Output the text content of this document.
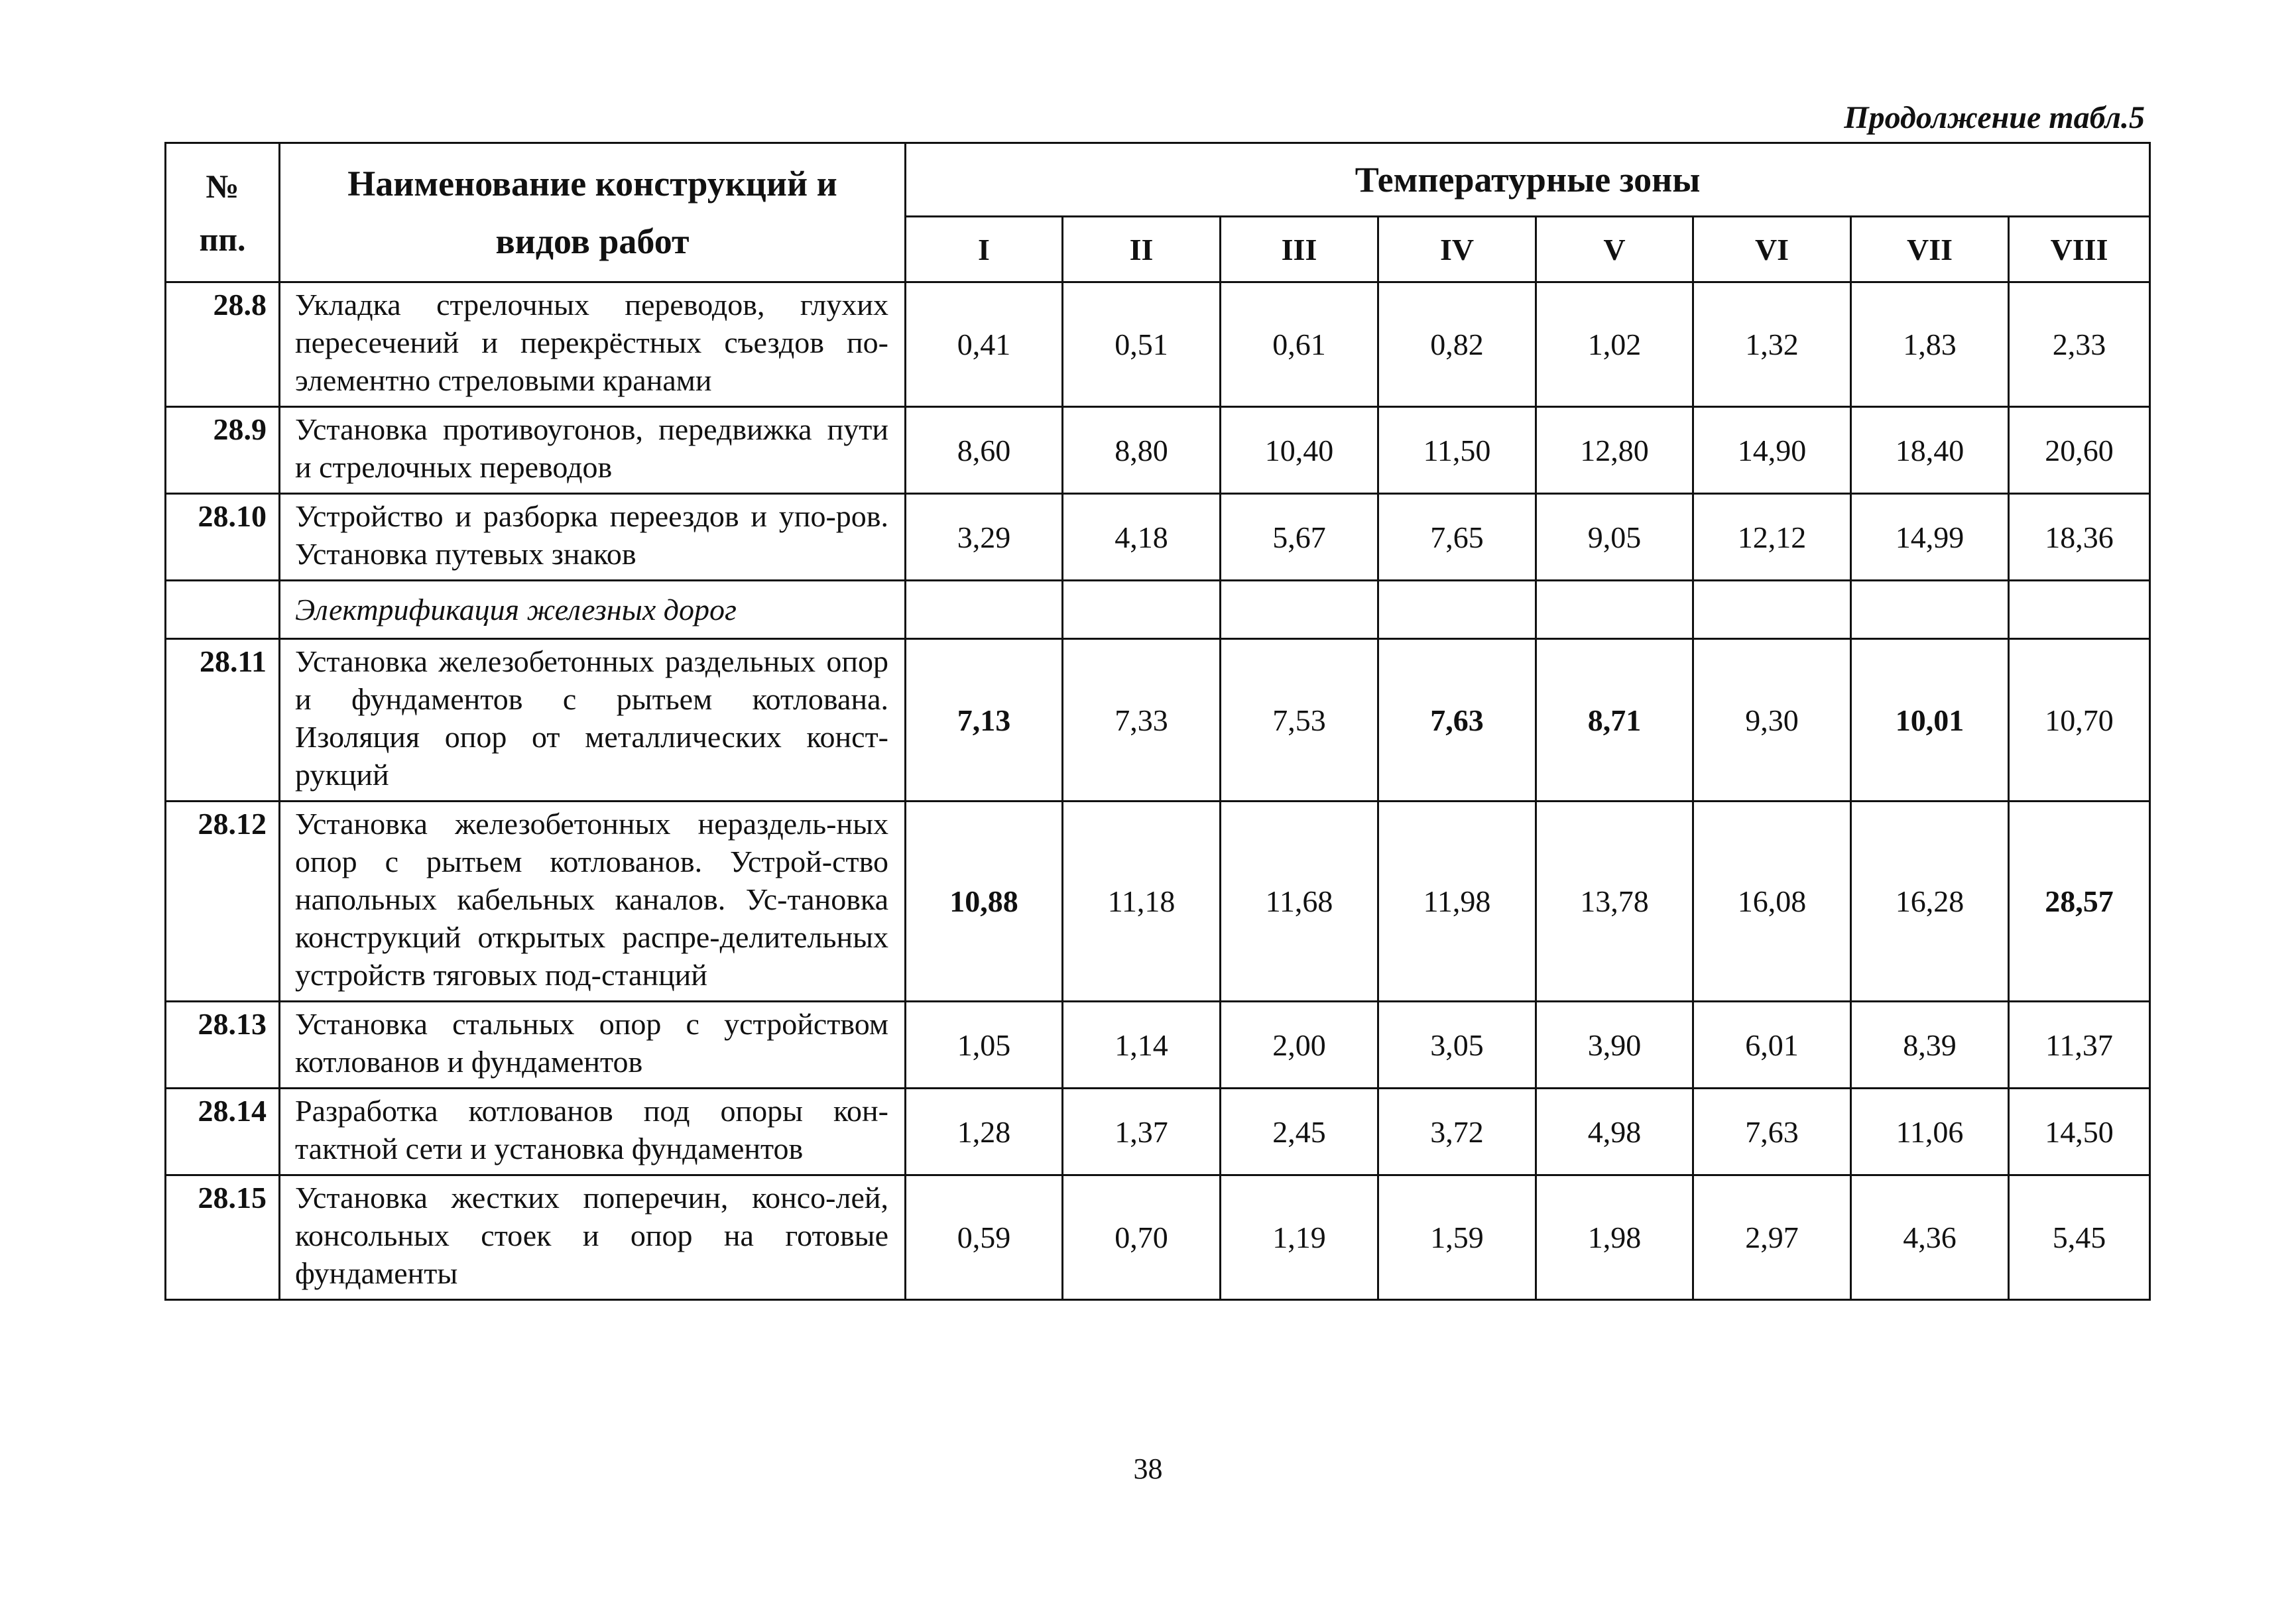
Продолжение табл.5
№
пп.	Наименование конструкций и
видов работ	Температурные зоны							
		I	II	III	IV	V	VI	VII	VIII
28.8	Укладка стрелочных переводов, глухих пересечений и перекрёстных съездов по-элементно стреловыми кранами	0,41	0,51	0,61	0,82	1,02	1,32	1,83	2,33
28.9	Установка противоугонов, передвижка пути и стрелочных переводов	8,60	8,80	10,40	11,50	12,80	14,90	18,40	20,60
28.10	Устройство и разборка переездов и упо-ров. Установка путевых знаков	3,29	4,18	5,67	7,65	9,05	12,12	14,99	18,36
	Электрификация железных дорог								
28.11	Установка железобетонных раздельных опор и фундаментов с рытьем котлована. Изоляция опор от металлических конст-рукций	7,13	7,33	7,53	7,63	8,71	9,30	10,01	10,70
28.12	Установка железобетонных нераздель-ных опор с рытьем котлованов. Устрой-ство напольных кабельных каналов. Ус-тановка конструкций открытых распре-делительных устройств тяговых под-станций	10,88	11,18	11,68	11,98	13,78	16,08	16,28	28,57
28.13	Установка стальных опор с устройством котлованов и фундаментов	1,05	1,14	2,00	3,05	3,90	6,01	8,39	11,37
28.14	Разработка котлованов под опоры кон-тактной сети и установка фундаментов	1,28	1,37	2,45	3,72	4,98	7,63	11,06	14,50
28.15	Установка жестких поперечин, консо-лей, консольных стоек и опор на готовые фундаменты	0,59	0,70	1,19	1,59	1,98	2,97	4,36	5,45
38
